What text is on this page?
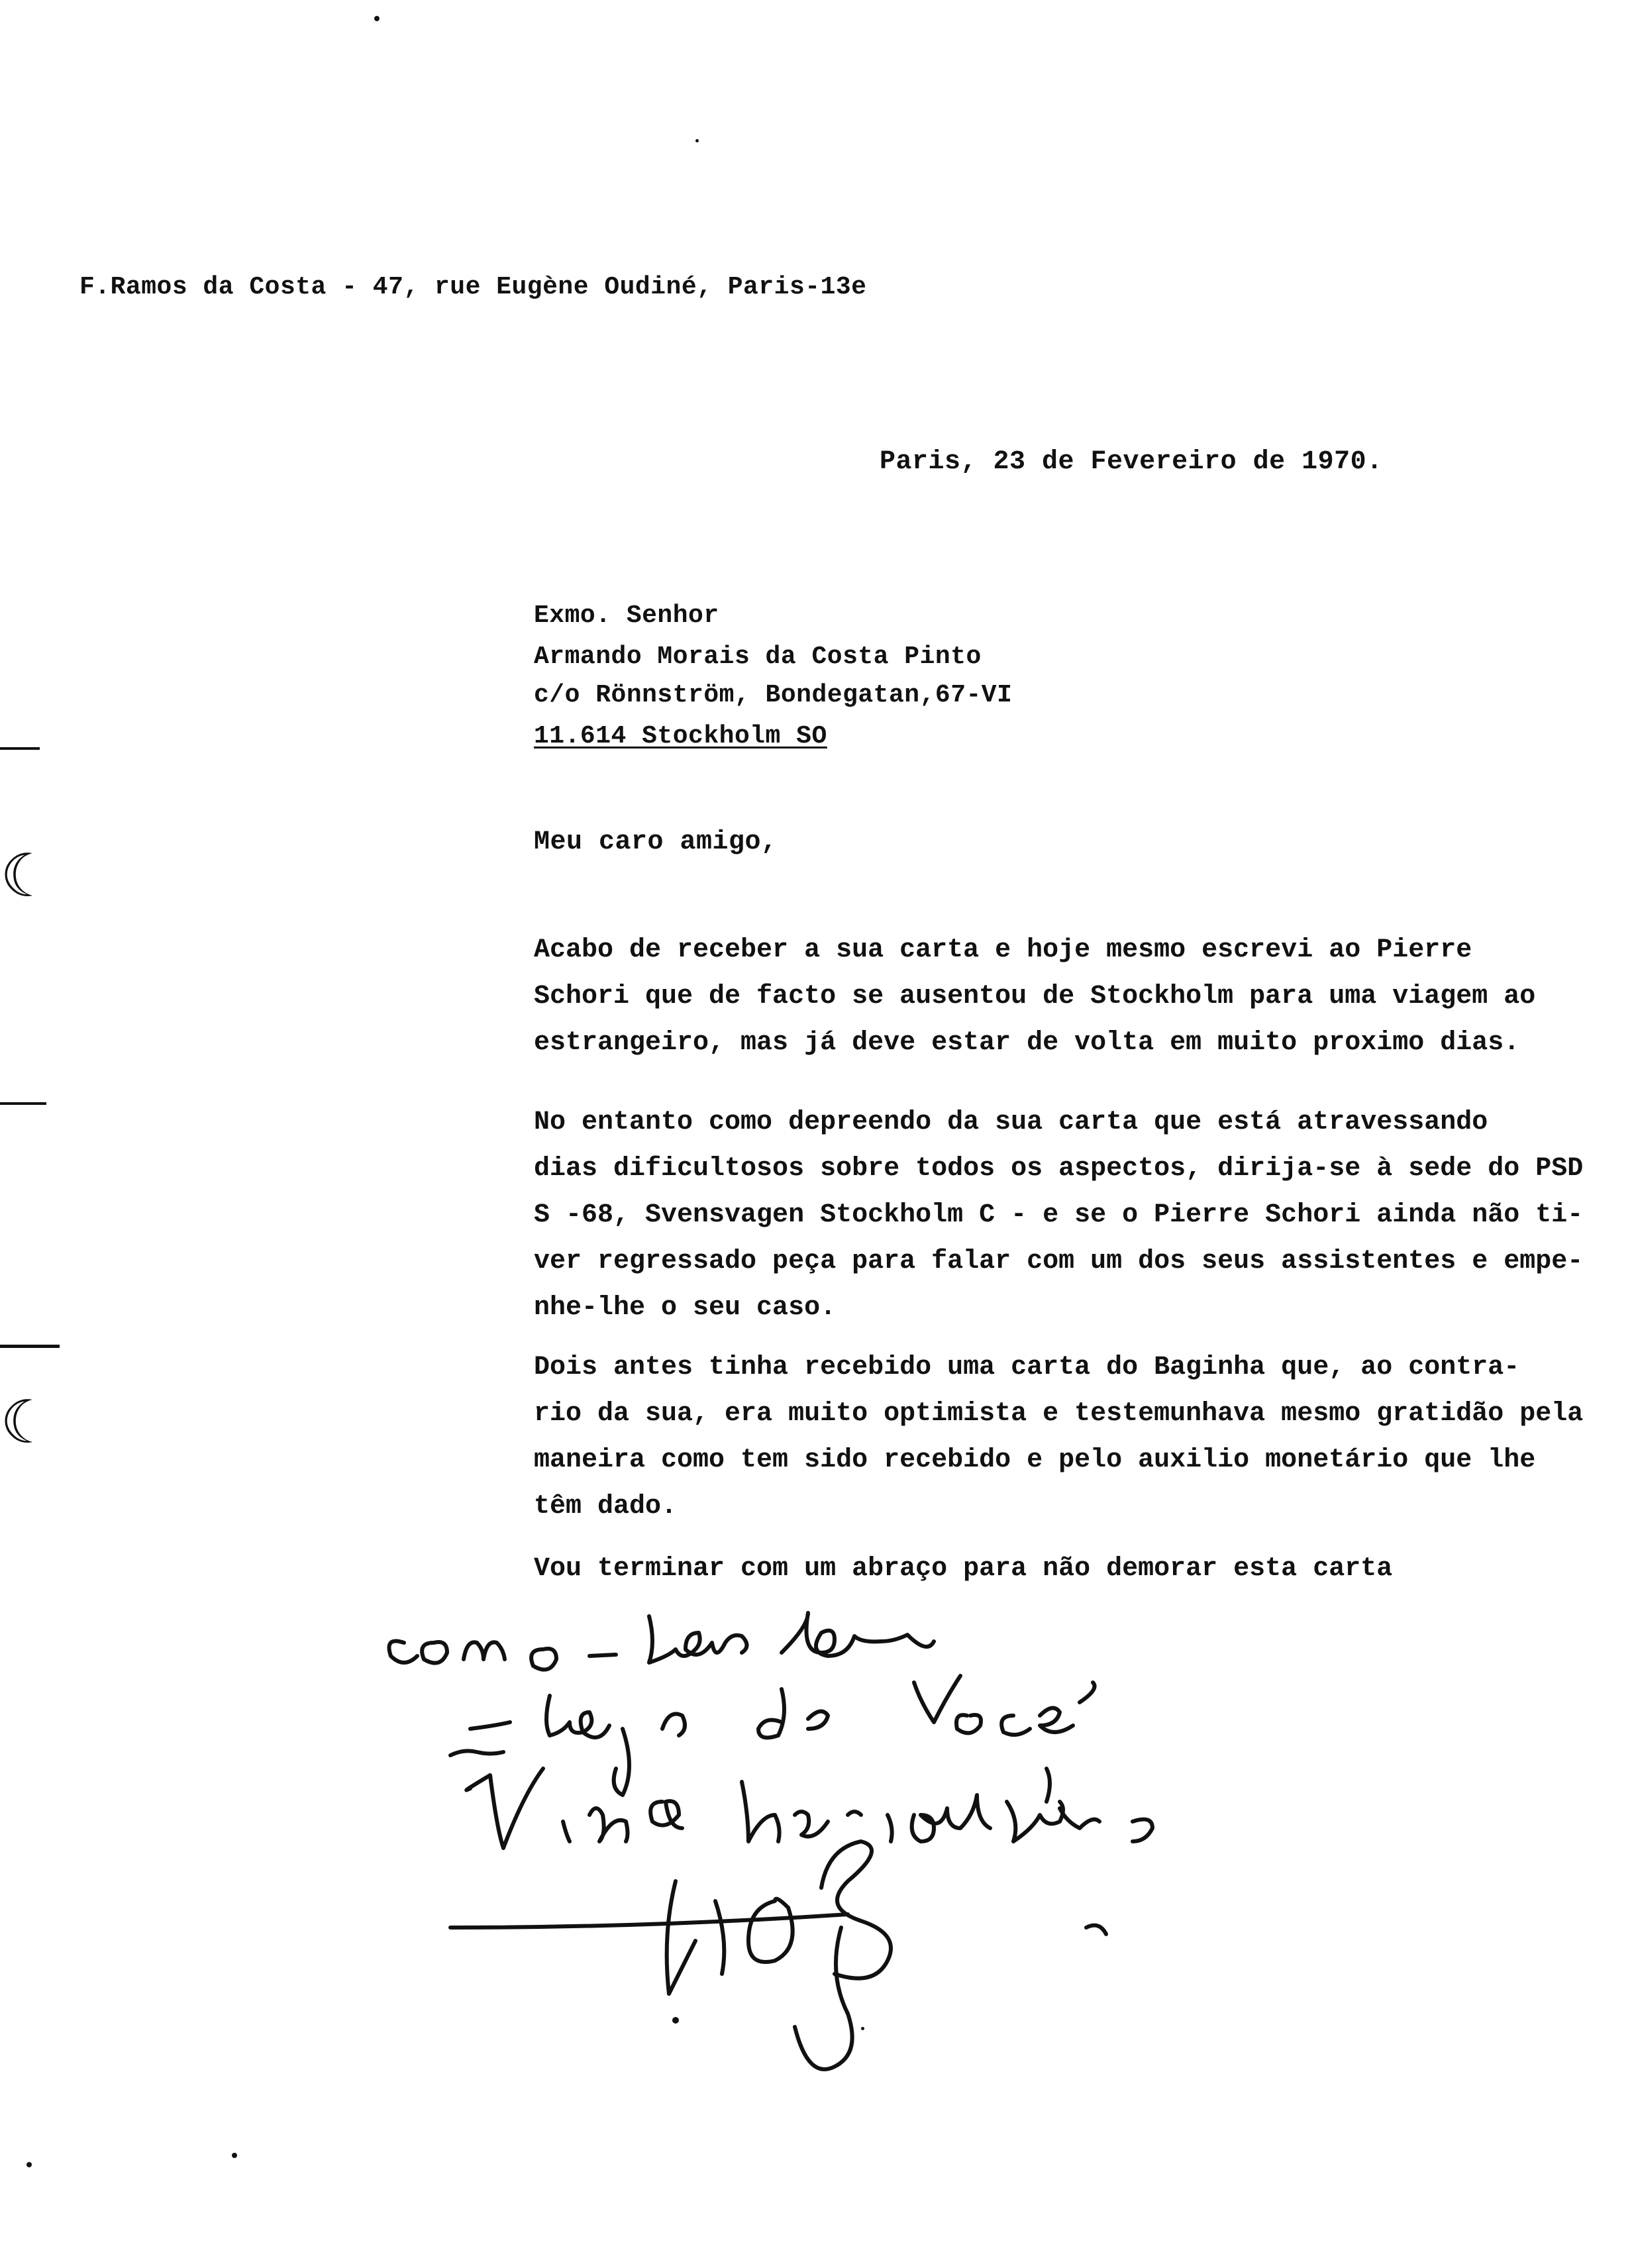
F.Ramos da Costa - 47, rue Eugène Oudiné, Paris-13e
Paris, 23 de Fevereiro de 1970.
Exmo. Senhor
Armando Morais da Costa Pinto
c/o Rönnström, Bondegatan,67-VI
11.614 Stockholm SO
Meu caro amigo,
Acabo de receber a sua carta e hoje mesmo escrevi ao Pierre
Schori que de facto se ausentou de Stockholm para uma viagem ao
estrangeiro, mas já deve estar de volta em muito proximo dias.
No entanto como depreendo da sua carta que está atravessando
dias dificultosos sobre todos os aspectos, dirija-se à sede do PSD
S -68, Svensvagen Stockholm C - e se o Pierre Schori ainda não ti-
ver regressado peça para falar com um dos seus assistentes e empe-
nhe-lhe o seu caso.
Dois antes tinha recebido uma carta do Baginha que, ao contra-
rio da sua, era muito optimista e testemunhava mesmo gratidão pela
maneira como tem sido recebido e pelo auxilio monetário que lhe
têm dado.
Vou terminar com um abraço para não demorar esta carta
☾
☾
